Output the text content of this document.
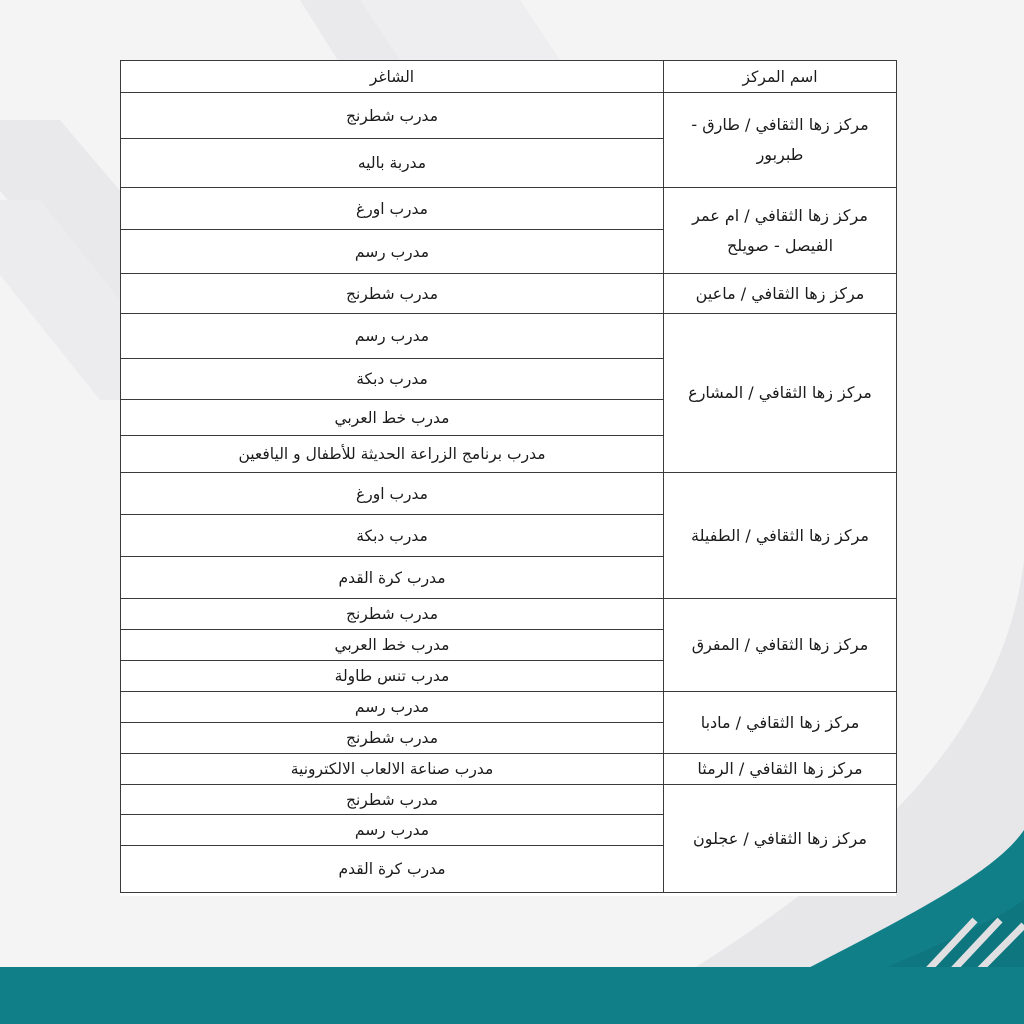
اسم المركز	الشاغر
مركز زها الثقافي / طارق - طبربور	مدرب شطرنج
	مدربة باليه
مركز زها الثقافي / ام عمر الفيصل - صويلح	مدرب اورغ
	مدرب رسم
مركز زها الثقافي / ماعين	مدرب شطرنج
مركز زها الثقافي / المشارع	مدرب رسم
	مدرب دبكة
	مدرب خط العربي
	مدرب برنامج الزراعة الحديثة للأطفال و اليافعين
مركز زها الثقافي / الطفيلة	مدرب اورغ
	مدرب دبكة
	مدرب كرة القدم
مركز زها الثقافي / المفرق	مدرب شطرنج
	مدرب خط العربي
	مدرب تنس طاولة
مركز زها الثقافي / مادبا	مدرب رسم
	مدرب شطرنج
مركز زها الثقافي / الرمثا	مدرب صناعة الالعاب الالكترونية
مركز زها الثقافي / عجلون	مدرب شطرنج
	مدرب رسم
	مدرب كرة القدم
